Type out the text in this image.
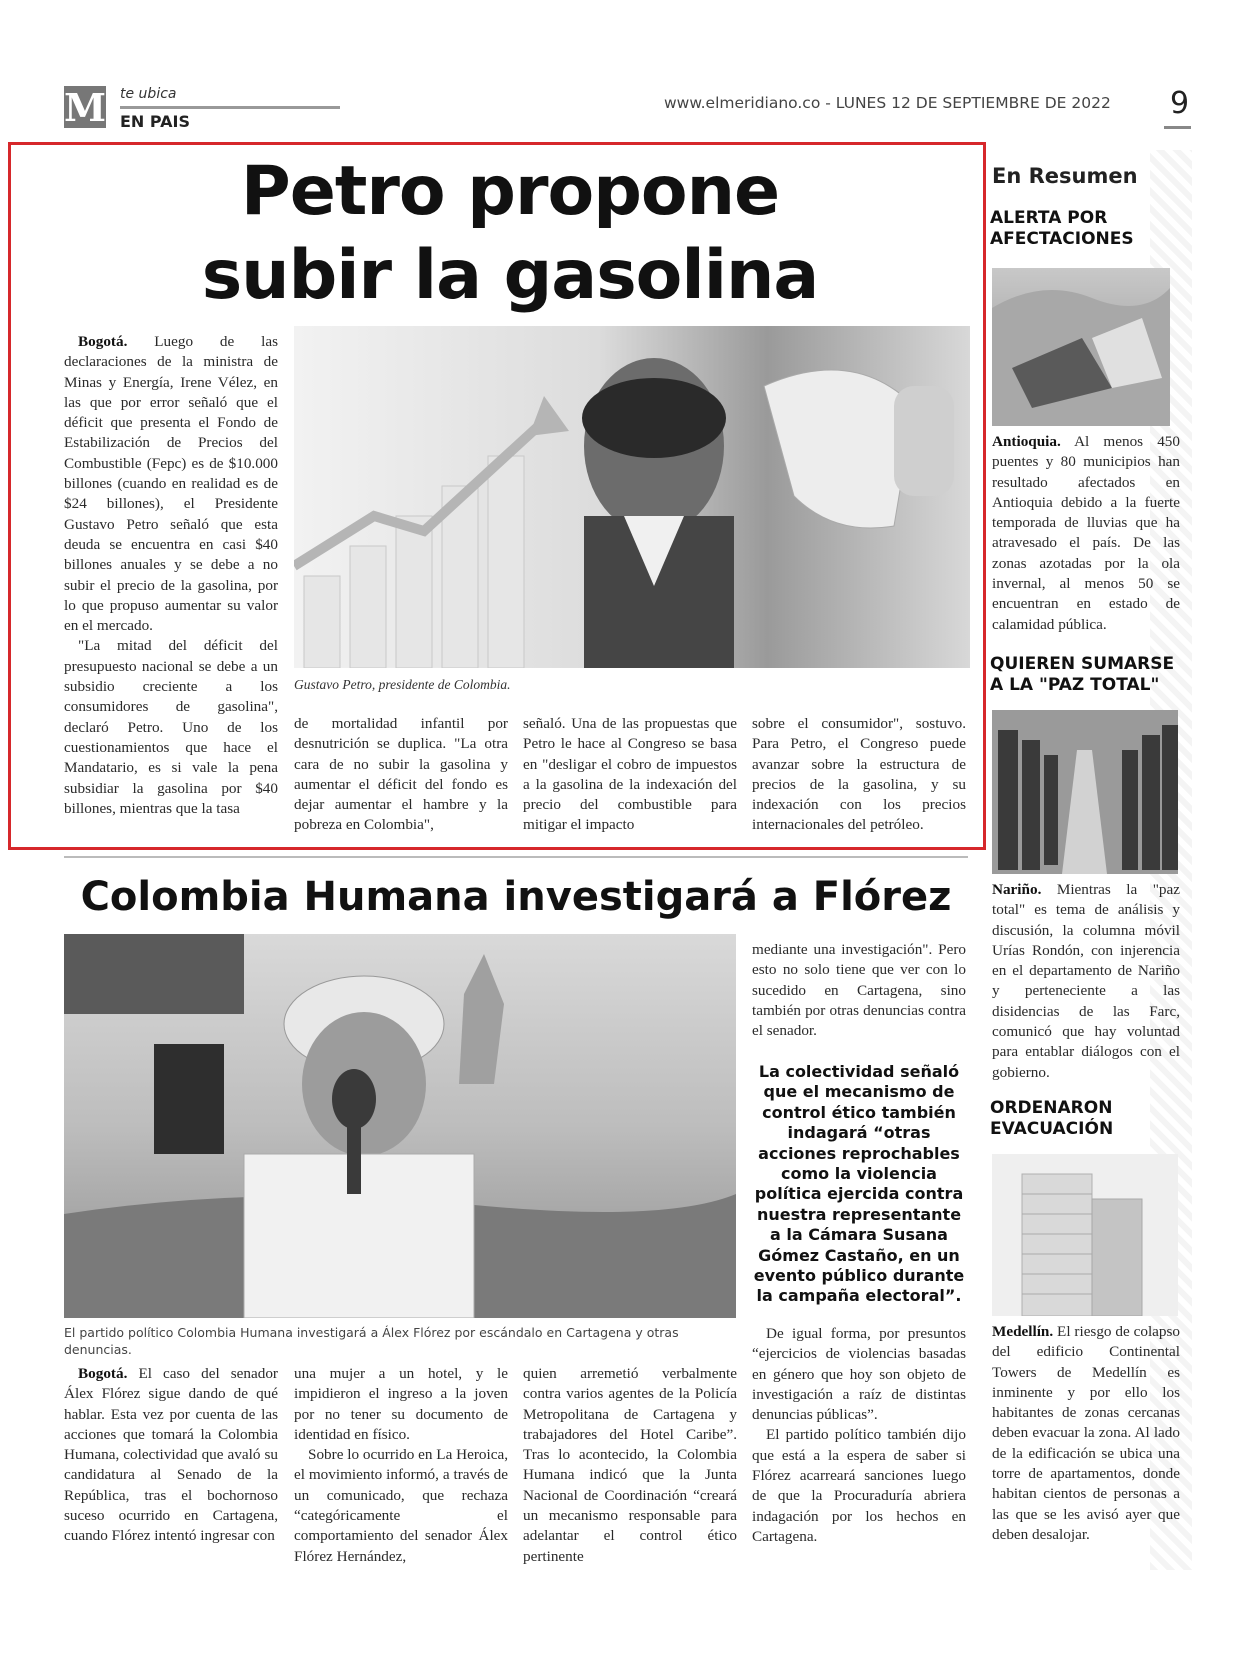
M te ubica
EN PAIS
www.elmeridiano.co - LUNES 12 DE SEPTIEMBRE DE 2022 9
Petro propone
subir la gasolina

Bogotá. Luego de las declaraciones de la ministra de Minas y Energía, Irene Vélez, en las que por error señaló que el déficit que presenta el Fondo de Estabilización de Precios del Combustible (Fepc) es de $10.000 billones (cuando en realidad es de $24 billones), el Presidente Gustavo Petro señaló que esta deuda se encuentra en casi $40 billones anuales y se debe a no subir el precio de la gasolina, por lo que propuso aumentar su valor en el mercado.

"La mitad del déficit del presupuesto nacional se debe a un subsidio creciente a los consumidores de gasolina", declaró Petro. Uno de los cuestionamientos que hace el Mandatario, es si vale la pena subsidiar la gasolina por $40 billones, mientras que la tasa

Gustavo Petro, presidente de Colombia.

de mortalidad infantil por desnutrición se duplica. "La otra cara de no subir la gasolina y aumentar el déficit del fondo es dejar aumentar el hambre y la pobreza en Colombia",

señaló. Una de las propuestas que Petro le hace al Congreso se basa en "desligar el cobro de impuestos a la gasolina de la indexación del precio del combustible para mitigar el impacto

sobre el consumidor", sostuvo. Para Petro, el Congreso puede avanzar sobre la estructura de precios de la gasolina, y su indexación con los precios internacionales del petróleo.

Colombia Humana investigará a Flórez
El partido político Colombia Humana investigará a Álex Flórez por escándalo en Cartagena y otras denuncias.

mediante una investigación". Pero esto no solo tiene que ver con lo sucedido en Cartagena, sino también por otras denuncias contra el senador.

La colectividad señaló que el mecanismo de control ético también indagará “otras acciones reprochables como la violencia política ejercida contra nuestra representante a la Cámara Susana Gómez Castaño, en un evento público durante la campaña electoral”.

Bogotá. El caso del senador Álex Flórez sigue dando de qué hablar. Esta vez por cuenta de las acciones que tomará la Colombia Humana, colectividad que avaló su candidatura al Senado de la República, tras el bochornoso suceso ocurrido en Cartagena, cuando Flórez intentó ingresar con

una mujer a un hotel, y le impidieron el ingreso a la joven por no tener su documento de identidad en físico.

Sobre lo ocurrido en La Heroica, el movimiento informó, a través de un comunicado, que rechaza “categóricamente el comportamiento del senador Álex Flórez Hernández,

quien arremetió verbalmente contra varios agentes de la Policía Metropolitana de Cartagena y trabajadores del Hotel Caribe”. Tras lo acontecido, la Colombia Humana indicó que la Junta Nacional de Coordinación “creará un mecanismo responsable para adelantar el control ético pertinente

De igual forma, por presuntos “ejercicios de violencias basadas en género que hoy son objeto de investigación a raíz de distintas denuncias públicas”.

El partido político también dijo que está a la espera de saber si Flórez acarreará sanciones luego de que la Procuraduría abriera indagación por los hechos en Cartagena.

En Resumen
ALERTA POR
AFECTACIONES

Antioquia. Al menos 450 puentes y 80 municipios han resultado afectados en Antioquia debido a la fuerte temporada de lluvias que ha atravesado el país. De las zonas azotadas por la ola invernal, al menos 50 se encuentran en estado de calamidad pública.

QUIEREN SUMARSE
A LA "PAZ TOTAL"

Nariño. Mientras la "paz total" es tema de análisis y discusión, la columna móvil Urías Rondón, con injerencia en el departamento de Nariño y perteneciente a las disidencias de las Farc, comunicó que hay voluntad para entablar diálogos con el gobierno.

ORDENARON
EVACUACIÓN

Medellín. El riesgo de colapso del edificio Continental Towers de Medellín es inminente y por ello los habitantes de zonas cercanas deben evacuar la zona. Al lado de la edificación se ubica una torre de apartamentos, donde habitan cientos de personas a las que se les avisó ayer que deben desalojar.
